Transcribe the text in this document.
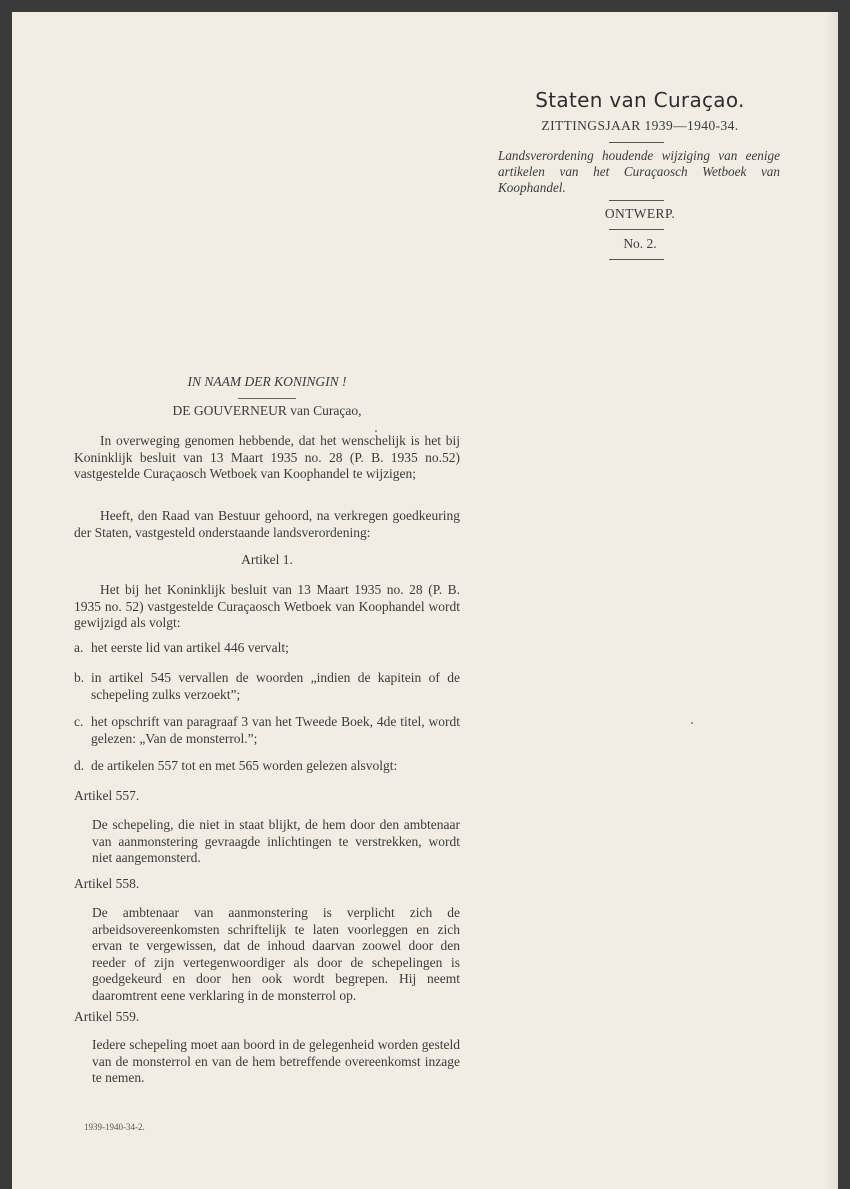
Staten van Curaçao.
ZITTINGSJAAR 1939—1940-34.
Landsverordening houdende wijziging van eenige artikelen van het Curaçaosch Wetboek van Koophandel.
ONTWERP.
No. 2.
IN NAAM DER KONINGIN !
DE GOUVERNEUR van Curaçao,
In overweging genomen hebbende, dat het wenschelijk is het bij Koninklijk besluit van 13 Maart 1935 no. 28 (P. B. 1935 no.52) vastgestelde Curaçaosch Wetboek van Koophandel te wijzigen;
Heeft, den Raad van Bestuur gehoord, na verkregen goedkeuring der Staten, vastgesteld onderstaande landsverordening:
Artikel 1.
Het bij het Koninklijk besluit van 13 Maart 1935 no. 28 (P. B. 1935 no. 52) vastgestelde Curaçaosch Wetboek van Koophandel wordt gewijzigd als volgt:
a. het eerste lid van artikel 446 vervalt;
b. in artikel 545 vervallen de woorden „indien de kapitein of de schepeling zulks verzoekt”;
c. het opschrift van paragraaf 3 van het Tweede Boek, 4de titel, wordt gelezen: „Van de monsterrol.”;
d. de artikelen 557 tot en met 565 worden gelezen alsvolgt:
Artikel 557.
De schepeling, die niet in staat blijkt, de hem door den ambtenaar van aanmonstering gevraagde inlichtingen te verstrekken, wordt niet aangemonsterd.
Artikel 558.
De ambtenaar van aanmonstering is verplicht zich de arbeidsovereenkomsten schriftelijk te laten voorleggen en zich ervan te vergewissen, dat de inhoud daarvan zoowel door den reeder of zijn vertegenwoordiger als door de schepelingen is goedgekeurd en door hen ook wordt begrepen. Hij neemt daaromtrent eene verklaring in de monsterrol op.
Artikel 559.
Iedere schepeling moet aan boord in de gelegenheid worden gesteld van de monsterrol en van de hem betreffende overeenkomst inzage te nemen.
1939-1940-34-2.
